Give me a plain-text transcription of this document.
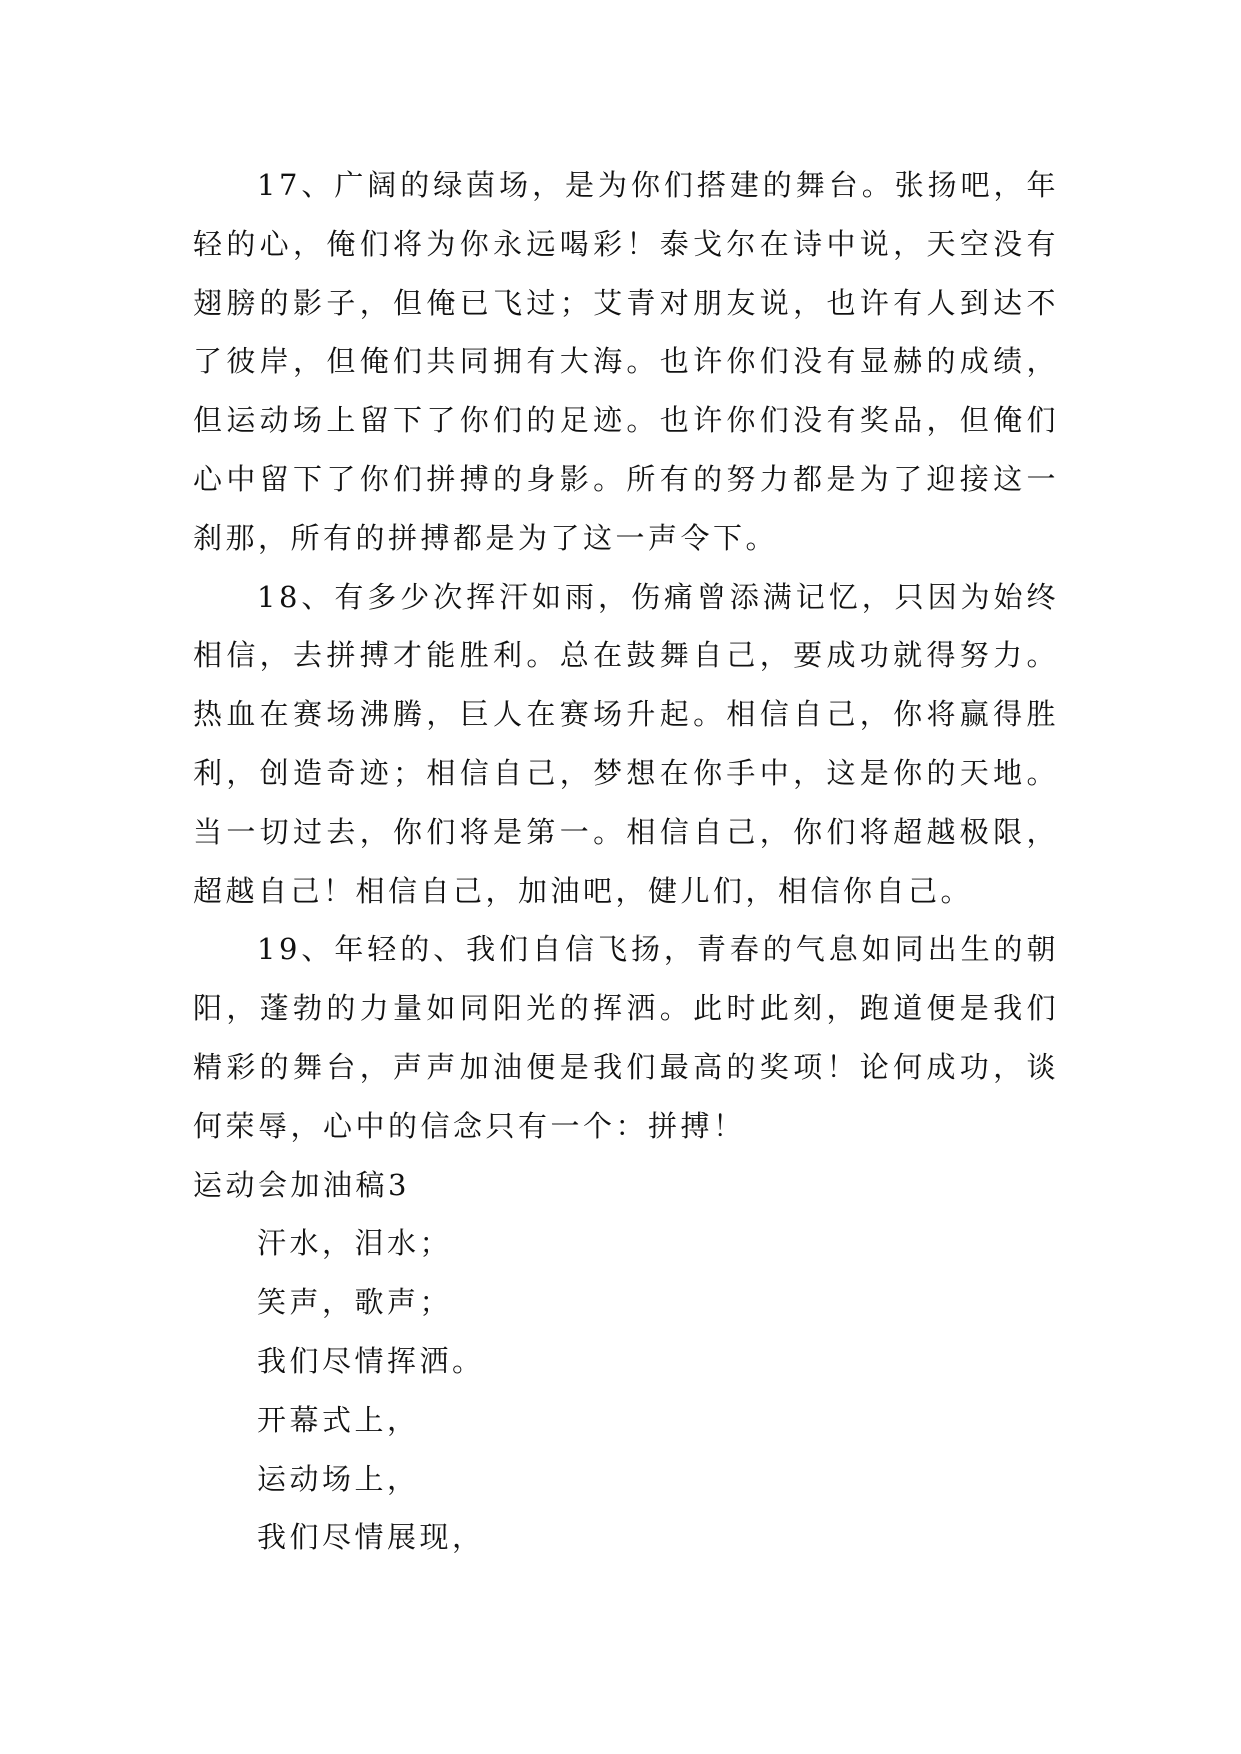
17、广阔的绿茵场，是为你们搭建的舞台。张扬吧，年
轻的心，俺们将为你永远喝彩！泰戈尔在诗中说，天空没有
翅膀的影子，但俺已飞过；艾青对朋友说，也许有人到达不
了彼岸，但俺们共同拥有大海。也许你们没有显赫的成绩，
但运动场上留下了你们的足迹。也许你们没有奖品，但俺们
心中留下了你们拼搏的身影。所有的努力都是为了迎接这一
刹那，所有的拼搏都是为了这一声令下。
18、有多少次挥汗如雨，伤痛曾添满记忆，只因为始终
相信，去拼搏才能胜利。总在鼓舞自己，要成功就得努力。
热血在赛场沸腾，巨人在赛场升起。相信自己，你将赢得胜
利，创造奇迹；相信自己，梦想在你手中，这是你的天地。
当一切过去，你们将是第一。相信自己，你们将超越极限，
超越自己！相信自己，加油吧，健儿们，相信你自己。
19、年轻的、我们自信飞扬，青春的气息如同出生的朝
阳，蓬勃的力量如同阳光的挥洒。此时此刻，跑道便是我们
精彩的舞台，声声加油便是我们最高的奖项！论何成功，谈
何荣辱，心中的信念只有一个：拼搏！
运动会加油稿3
汗水，泪水；
笑声，歌声；
我们尽情挥洒。
开幕式上，
运动场上，
我们尽情展现，
